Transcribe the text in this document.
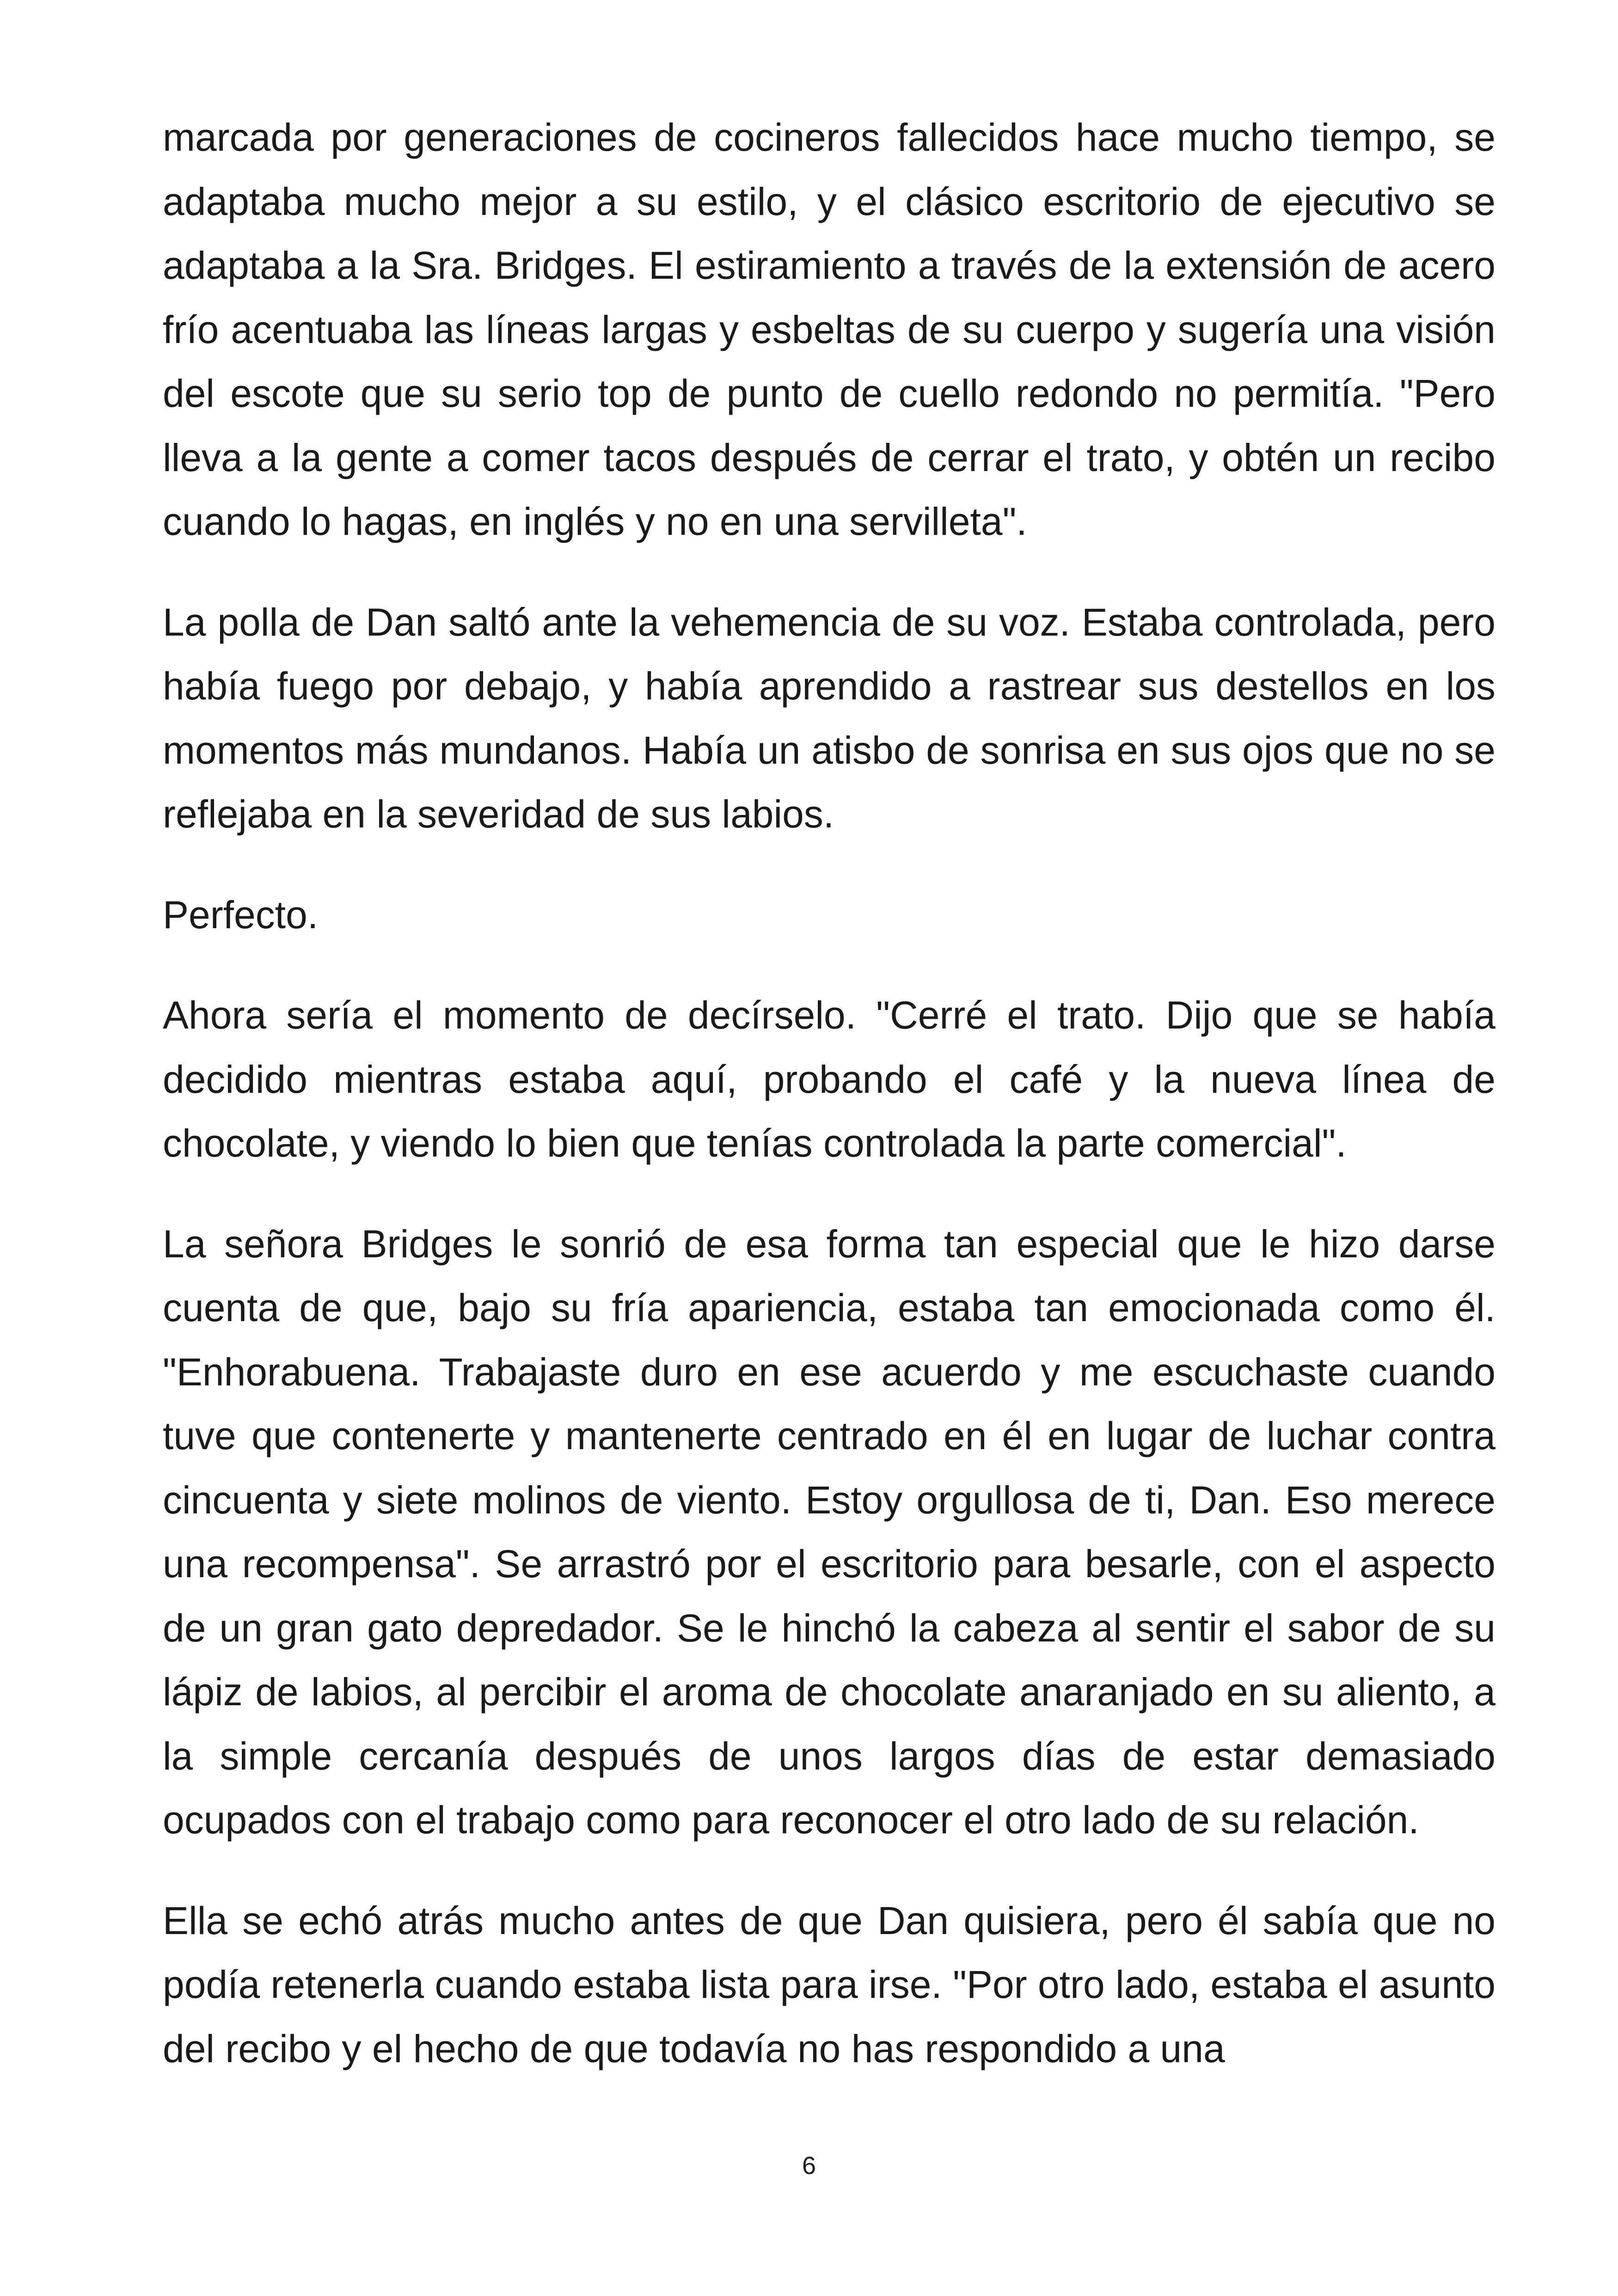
marcada por generaciones de cocineros fallecidos hace mucho tiempo, se adaptaba mucho mejor a su estilo, y el clásico escritorio de ejecutivo se adaptaba a la Sra. Bridges. El estiramiento a través de la extensión de acero frío acentuaba las líneas largas y esbeltas de su cuerpo y sugería una visión del escote que su serio top de punto de cuello redondo no permitía. "Pero lleva a la gente a comer tacos después de cerrar el trato, y obtén un recibo cuando lo hagas, en inglés y no en una servilleta".

La polla de Dan saltó ante la vehemencia de su voz. Estaba controlada, pero había fuego por debajo, y había aprendido a rastrear sus destellos en los momentos más mundanos. Había un atisbo de sonrisa en sus ojos que no se reflejaba en la severidad de sus labios.

Perfecto.

Ahora sería el momento de decírselo. "Cerré el trato. Dijo que se había decidido mientras estaba aquí, probando el café y la nueva línea de chocolate, y viendo lo bien que tenías controlada la parte comercial".

La señora Bridges le sonrió de esa forma tan especial que le hizo darse cuenta de que, bajo su fría apariencia, estaba tan emocionada como él. "Enhorabuena. Trabajaste duro en ese acuerdo y me escuchaste cuando tuve que contenerte y mantenerte centrado en él en lugar de luchar contra cincuenta y siete molinos de viento. Estoy orgullosa de ti, Dan. Eso merece una recompensa". Se arrastró por el escritorio para besarle, con el aspecto de un gran gato depredador. Se le hinchó la cabeza al sentir el sabor de su lápiz de labios, al percibir el aroma de chocolate anaranjado en su aliento, a la simple cercanía después de unos largos días de estar demasiado ocupados con el trabajo como para reconocer el otro lado de su relación.

Ella se echó atrás mucho antes de que Dan quisiera, pero él sabía que no podía retenerla cuando estaba lista para irse. "Por otro lado, estaba el asunto del recibo y el hecho de que todavía no has respondido a una

6
